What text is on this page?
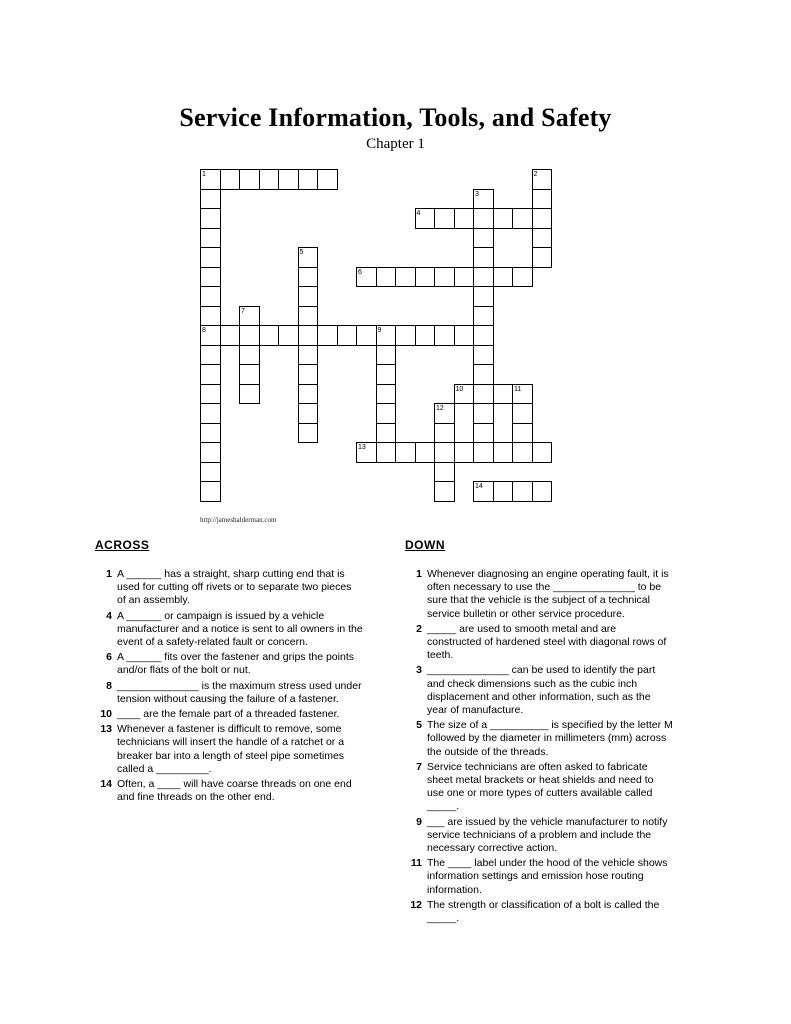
Service Information, Tools, and Safety
Chapter 1
1
8
2
3
4
5
6
7
9
10	11
12
13
14
http://jameshalderman.com
ACROSS
1 A ______ has a straight, sharp cutting end that is used for cutting off rivets or to separate two pieces of an assembly.
4 A ______ or campaign is issued by a vehicle manufacturer and a notice is sent to all owners in the event of a safety-related fault or concern.
6 A ______ fits over the fastener and grips the points and/or flats of the bolt or nut.
8 ______________ is the maximum stress used under tension without causing the failure of a fastener.
10 ____ are the female part of a threaded fastener.
13 Whenever a fastener is difficult to remove, some technicians will insert the handle of a ratchet or a breaker bar into a length of steel pipe sometimes called a _________.
14 Often, a ____ will have coarse threads on one end and fine threads on the other end.
DOWN
1 Whenever diagnosing an engine operating fault, it is often necessary to use the ______________ to be sure that the vehicle is the subject of a technical service bulletin or other service procedure.
2 _____ are used to smooth metal and are constructed of hardened steel with diagonal rows of teeth.
3 ______________ can be used to identify the part and check dimensions such as the cubic inch displacement and other information, such as the year of manufacture.
5 The size of a __________ is specified by the letter M followed by the diameter in millimeters (mm) across the outside of the threads.
7 Service technicians are often asked to fabricate sheet metal brackets or heat shields and need to use one or more types of cutters available called _____.
9 ___ are issued by the vehicle manufacturer to notify service technicians of a problem and include the necessary corrective action.
11 The ____ label under the hood of the vehicle shows information settings and emission hose routing information.
12 The strength or classification of a bolt is called the _____.
